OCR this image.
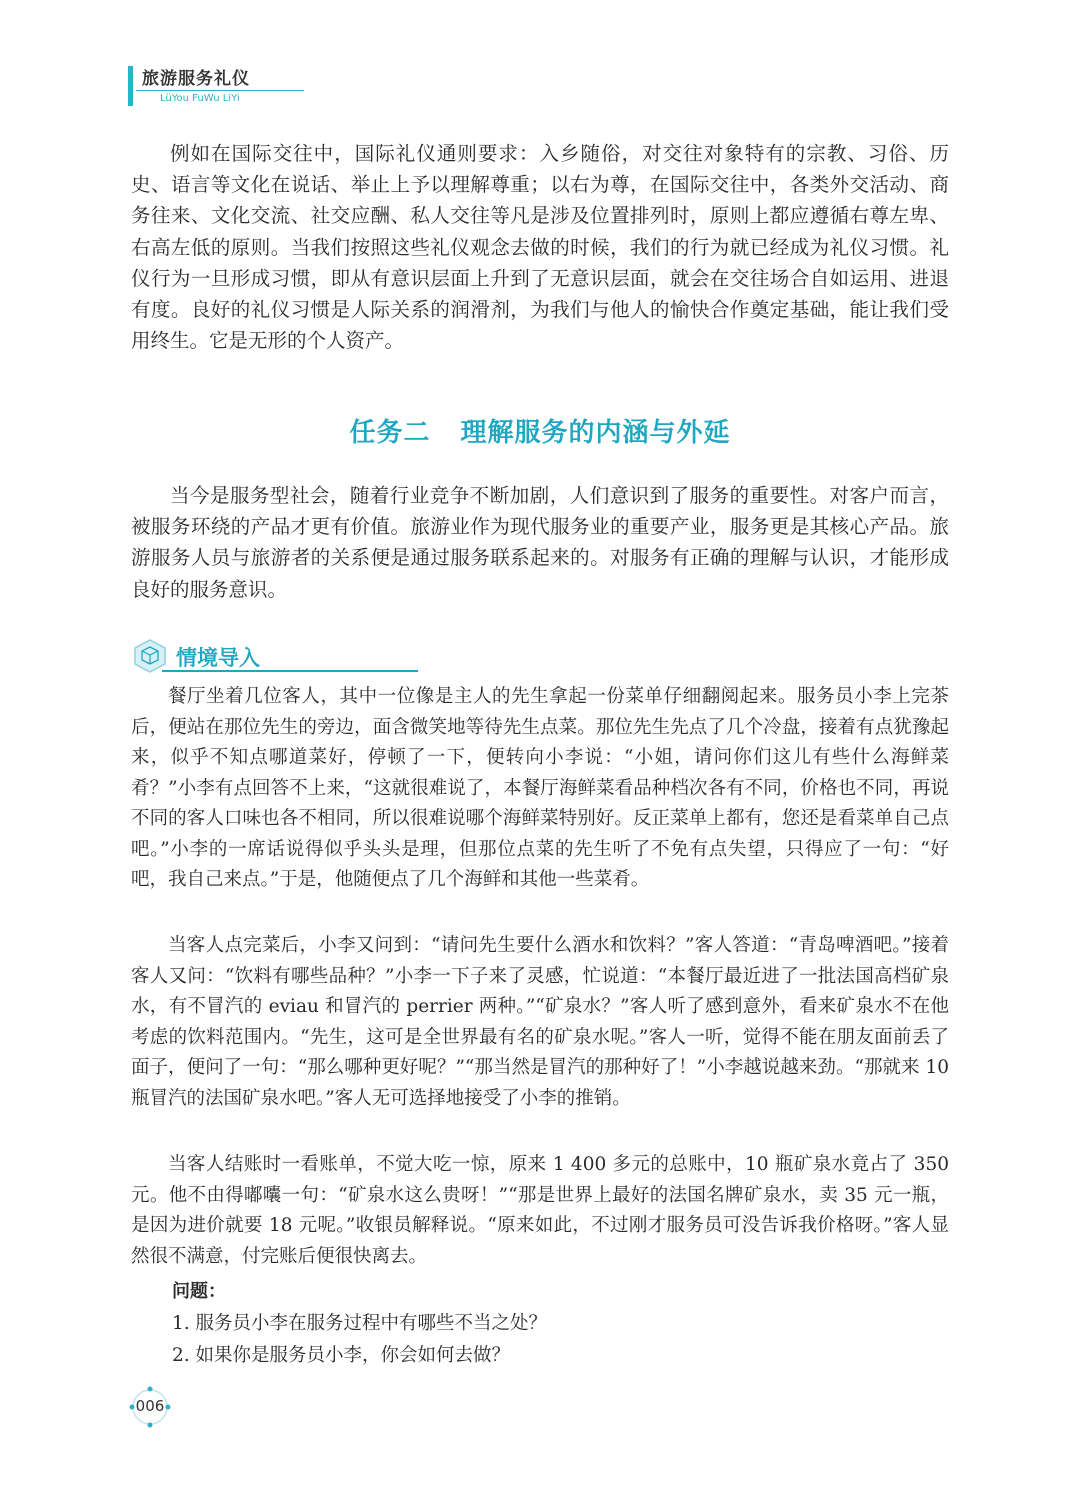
旅游服务礼仪
LüYou FuWu LiYi

例如在国际交往中，国际礼仪通则要求：入乡随俗，对交往对象特有的宗教、习俗、历史、语言等文化在说话、举止上予以理解尊重；以右为尊，在国际交往中，各类外交活动、商务往来、文化交流、社交应酬、私人交往等凡是涉及位置排列时，原则上都应遵循右尊左卑、右高左低的原则。当我们按照这些礼仪观念去做的时候，我们的行为就已经成为礼仪习惯。礼仪行为一旦形成习惯，即从有意识层面上升到了无意识层面，就会在交往场合自如运用、进退有度。良好的礼仪习惯是人际关系的润滑剂，为我们与他人的愉快合作奠定基础，能让我们受用终生。它是无形的个人资产。

任务二 理解服务的内涵与外延

当今是服务型社会，随着行业竞争不断加剧，人们意识到了服务的重要性。对客户而言，被服务环绕的产品才更有价值。旅游业作为现代服务业的重要产业，服务更是其核心产品。旅游服务人员与旅游者的关系便是通过服务联系起来的。对服务有正确的理解与认识，才能形成良好的服务意识。

情境导入

餐厅坐着几位客人，其中一位像是主人的先生拿起一份菜单仔细翻阅起来。服务员小李上完茶后，便站在那位先生的旁边，面含微笑地等待先生点菜。那位先生先点了几个冷盘，接着有点犹豫起来，似乎不知点哪道菜好，停顿了一下，便转向小李说：“小姐，请问你们这儿有些什么海鲜菜肴？”小李有点回答不上来，“这就很难说了，本餐厅海鲜菜看品种档次各有不同，价格也不同，再说不同的客人口味也各不相同，所以很难说哪个海鲜菜特别好。反正菜单上都有，您还是看菜单自己点吧。”小李的一席话说得似乎头头是理，但那位点菜的先生听了不免有点失望，只得应了一句：“好吧，我自己来点。”于是，他随便点了几个海鲜和其他一些菜肴。

当客人点完菜后，小李又问到：“请问先生要什么酒水和饮料？”客人答道：“青岛啤酒吧。”接着客人又问：“饮料有哪些品种？”小李一下子来了灵感，忙说道：“本餐厅最近进了一批法国高档矿泉水，有不冒汽的 eviau 和冒汽的 perrier 两种。”“矿泉水？”客人听了感到意外，看来矿泉水不在他考虑的饮料范围内。“先生，这可是全世界最有名的矿泉水呢。”客人一听，觉得不能在朋友面前丢了面子，便问了一句：“那么哪种更好呢？”“那当然是冒汽的那种好了！”小李越说越来劲。“那就来 10 瓶冒汽的法国矿泉水吧。”客人无可选择地接受了小李的推销。

当客人结账时一看账单，不觉大吃一惊，原来 1 400 多元的总账中，10 瓶矿泉水竟占了 350 元。他不由得嘟囔一句：“矿泉水这么贵呀！”“那是世界上最好的法国名牌矿泉水，卖 35 元一瓶，是因为进价就要 18 元呢。”收银员解释说。“原来如此，不过刚才服务员可没告诉我价格呀。”客人显然很不满意，付完账后便很快离去。

问题：
1. 服务员小李在服务过程中有哪些不当之处？
2. 如果你是服务员小李，你会如何去做？
006
